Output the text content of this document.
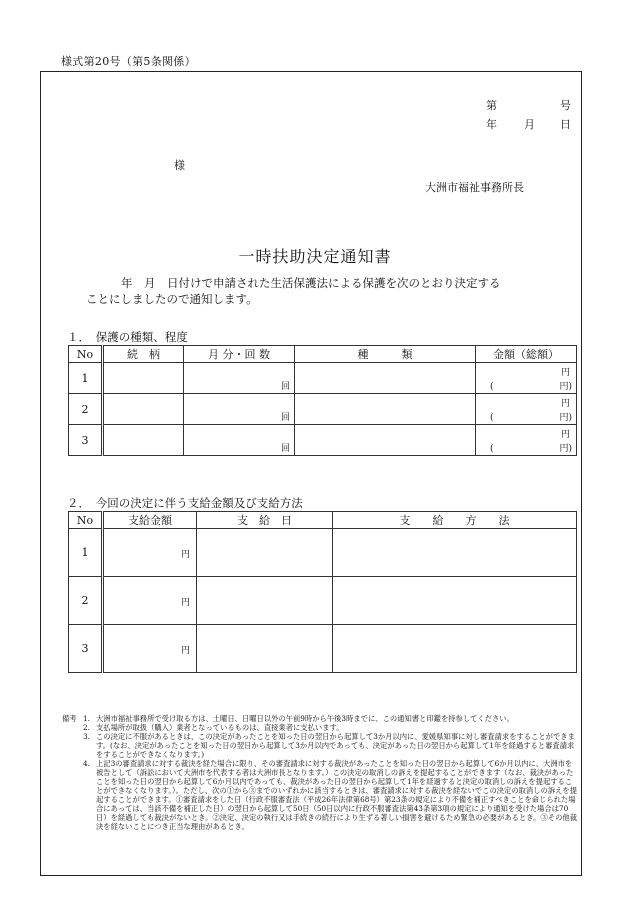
様式第20号（第5条関係）
第	号
年 月 日
様
大洲市福祉事務所長
一時扶助決定通知書
年　月　日付けで申請された生活保護法による保護を次のとおり決定する
ことにしましたので通知します。
１．　保護の種類、程度
No	続　柄	月 分・回 数	種　　　類	金額（総額）
1		回		円
( 円)

2		回		円
( 円)

3		回		円
( 円)
２．　今回の決定に伴う支給金額及び支給方法
No	支給金額	支　給　日	支　　給　　方　　法
1	円		

2	円		

3	円		

備考 1. 大洲市福祉事務所で受け取る方は、土曜日、日曜日以外の午前9時から午後3時までに、この通知書と印鑑を持参してください。
2. 支払場所が取扱（購入）業者となっているものは、直接業者に支払います。
3. この決定に不服があるときは、この決定があったことを知った日の翌日から起算して3か月以内に、愛媛県知事に対し審査請求をすることができます。(なお、決定があったことを知った日の翌日から起算して3か月以内であっても、決定があった日の翌日から起算して1年を経過すると審査請求をすることができなくなります。)
4. 上記3の審査請求に対する裁決を経た場合に限り、その審査請求に対する裁決があったことを知った日の翌日から起算して6か月以内に、大洲市を被告として（訴訟において大洲市を代表する者は大洲市長となります。）この決定の取消しの訴えを提起することができます（なお、裁決があったことを知った日の翌日から起算して6か月以内であっても、裁決があった日の翌日から起算して1年を経過すると決定の取消しの訴えを提起することができなくなります。）。ただし、次の①から③までのいずれかに該当するときは、審査請求に対する裁決を経ないでこの決定の取消しの訴えを提起することができます。①審査請求をした日（行政不服審査法（平成26年法律第68号）第23条の規定により不備を補正すべきことを命じられた場合にあっては、当該不備を補正した日）の翌日から起算して50日（50日以内に行政不服審査法第43条第3項の規定により通知を受けた場合は70日）を経過しても裁決がないとき。②決定、決定の執行又は手続きの続行により生ずる著しい損害を避けるため緊急の必要があるとき。③その他裁決を経ないことにつき正当な理由があるとき。
